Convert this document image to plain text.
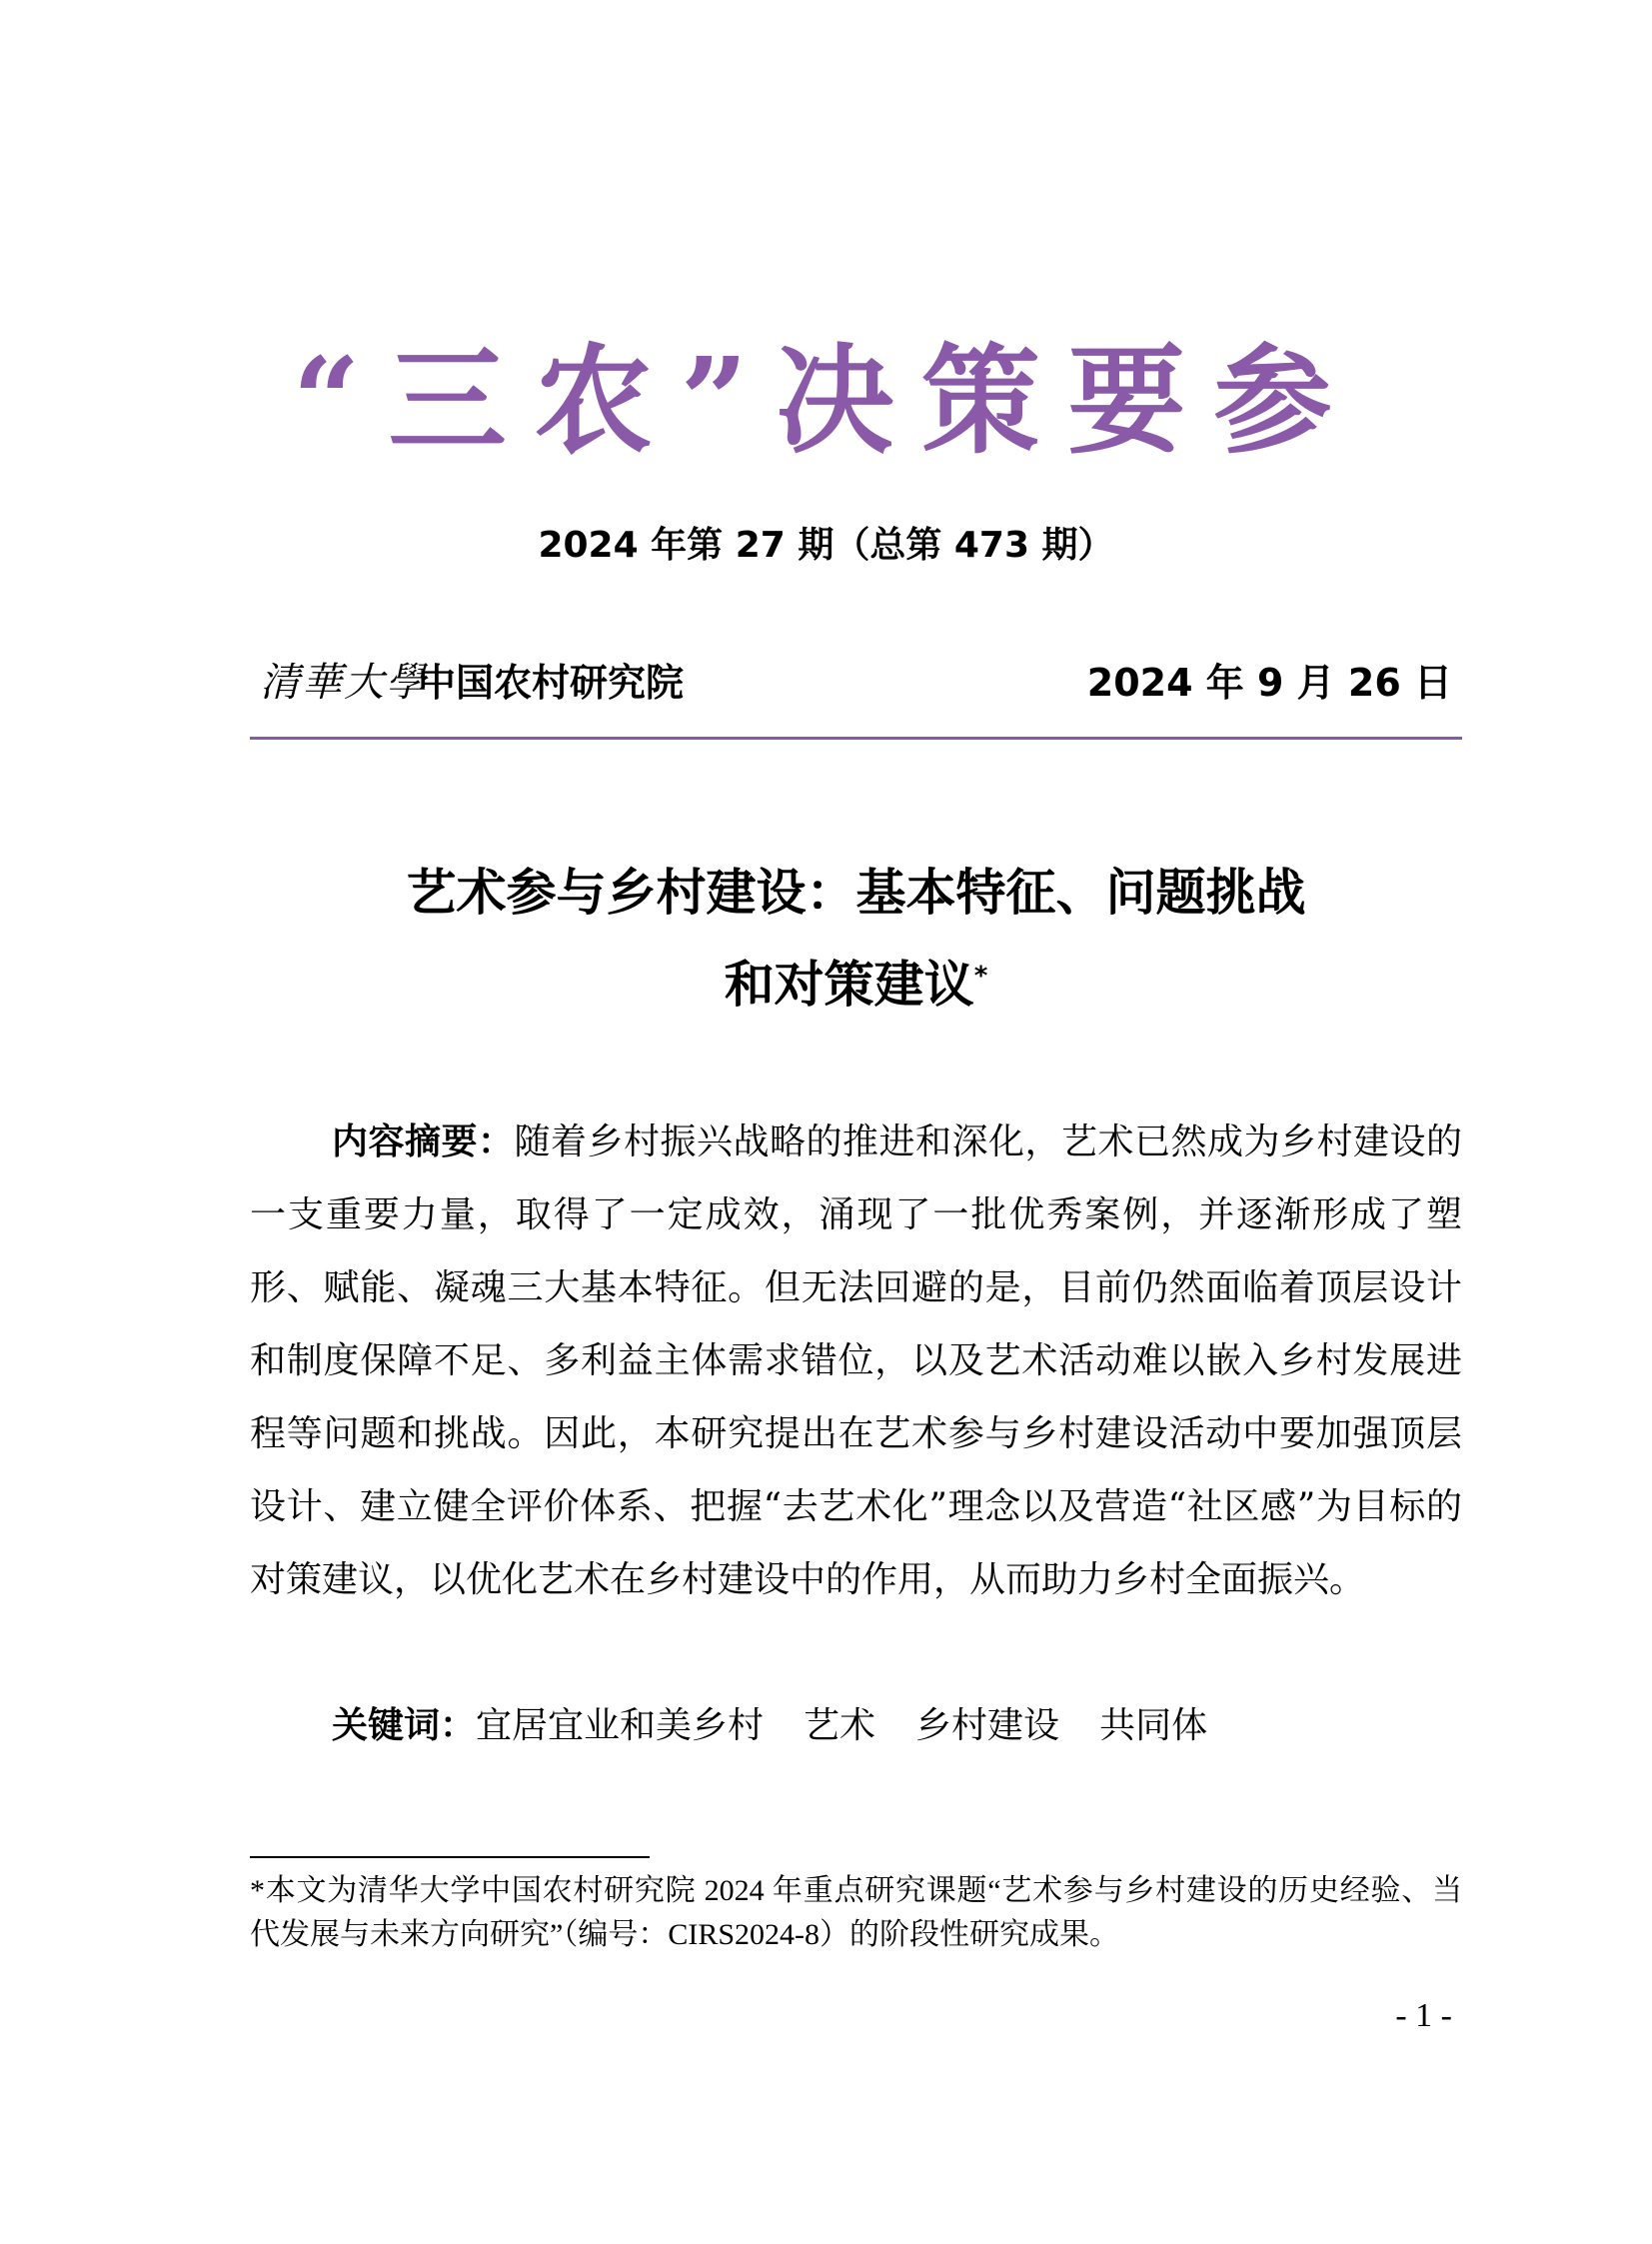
“三农”决策要参
2024 年第 27 期（总第 473 期）
清華大學
中国农村研究院	2024 年 9 月 26 日
艺术参与乡村建设：基本特征、问题挑战
和对策建议*
内容摘要：随着乡村振兴战略的推进和深化，艺术已然成为乡村建设的一支重要力量，取得了一定成效，涌现了一批优秀案例，并逐渐形成了塑形、赋能、凝魂三大基本特征。但无法回避的是，目前仍然面临着顶层设计和制度保障不足、多利益主体需求错位，以及艺术活动难以嵌入乡村发展进程等问题和挑战。因此，本研究提出在艺术参与乡村建设活动中要加强顶层设计、建立健全评价体系、把握“去艺术化”理念以及营造“社区感”为目标的对策建议，以优化艺术在乡村建设中的作用，从而助力乡村全面振兴。
关键词：宜居宜业和美乡村 艺术 乡村建设 共同体
*本文为清华大学中国农村研究院 2024 年重点研究课题“艺术参与乡村建设的历史经验、当代发展与未来方向研究”（编号：CIRS2024-8）的阶段性研究成果。
- 1 -
